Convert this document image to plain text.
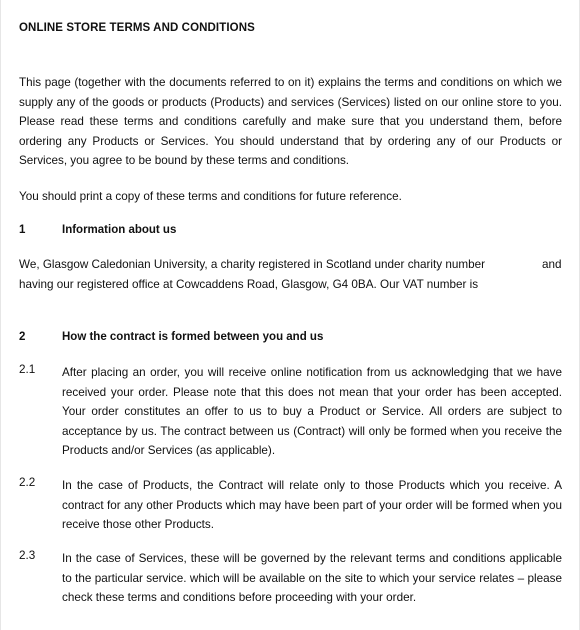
ONLINE STORE TERMS AND CONDITIONS

This page (together with the documents referred to on it) explains the terms and conditions on which we supply any of the goods or products (Products) and services (Services) listed on our online store to you. Please read these terms and conditions carefully and make sure that you understand them, before ordering any Products or Services. You should understand that by ordering any of our Products or Services, you agree to be bound by these terms and conditions.

You should print a copy of these terms and conditions for future reference.

1	Information about us
We, Glasgow Caledonian University, a charity registered in Scotland under charity number	and
having our registered office at Cowcaddens Road, Glasgow, G4 0BA. Our VAT number is
2	How the contract is formed between you and us
2.1 After placing an order, you will receive online notification from us acknowledging that we have received your order. Please note that this does not mean that your order has been accepted. Your order constitutes an offer to us to buy a Product or Service. All orders are subject to acceptance by us. The contract between us (Contract) will only be formed when you receive the Products and/or Services (as applicable).

2.2 In the case of Products, the Contract will relate only to those Products which you receive. A contract for any other Products which may have been part of your order will be formed when you receive those other Products.

2.3 In the case of Services, these will be governed by the relevant terms and conditions applicable to the particular service. which will be available on the site to which your service relates – please check these terms and conditions before proceeding with your order.
